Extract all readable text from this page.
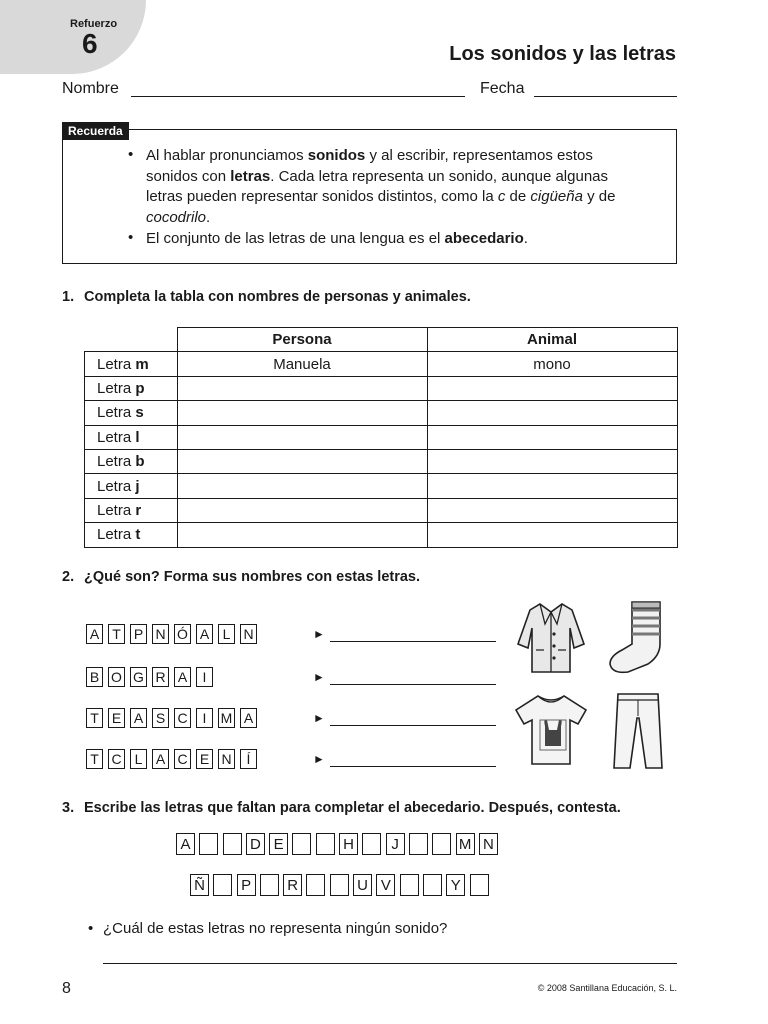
Refuerzo
6	Los sonidos y las letras
Nombre	Fecha
Recuerda
• Al hablar pronunciamos sonidos y al escribir, representamos estos sonidos con letras. Cada letra representa un sonido, aunque algunas letras pueden representar sonidos distintos, como la c de cigüeña y de cocodrilo.
• El conjunto de las letras de una lengua es el abecedario.
1. Completa la tabla con nombres de personas y animales.
	Persona	Animal
Letra m	Manuela	mono
Letra p		
Letra s		
Letra l		
Letra b		
Letra j		
Letra r		
Letra t		
2. ¿Qué son? Forma sus nombres con estas letras.
A T P N Ó A L N	►
B O G R A I	►
T E A S C I M A	►
T C L A C E N Í	►
3. Escribe las letras que faltan para completar el abecedario. Después, contesta.
A	D E	H J	M N
Ñ P R	U V	Y
• ¿Cuál de estas letras no representa ningún sonido?
8	© 2008 Santillana Educación, S. L.
